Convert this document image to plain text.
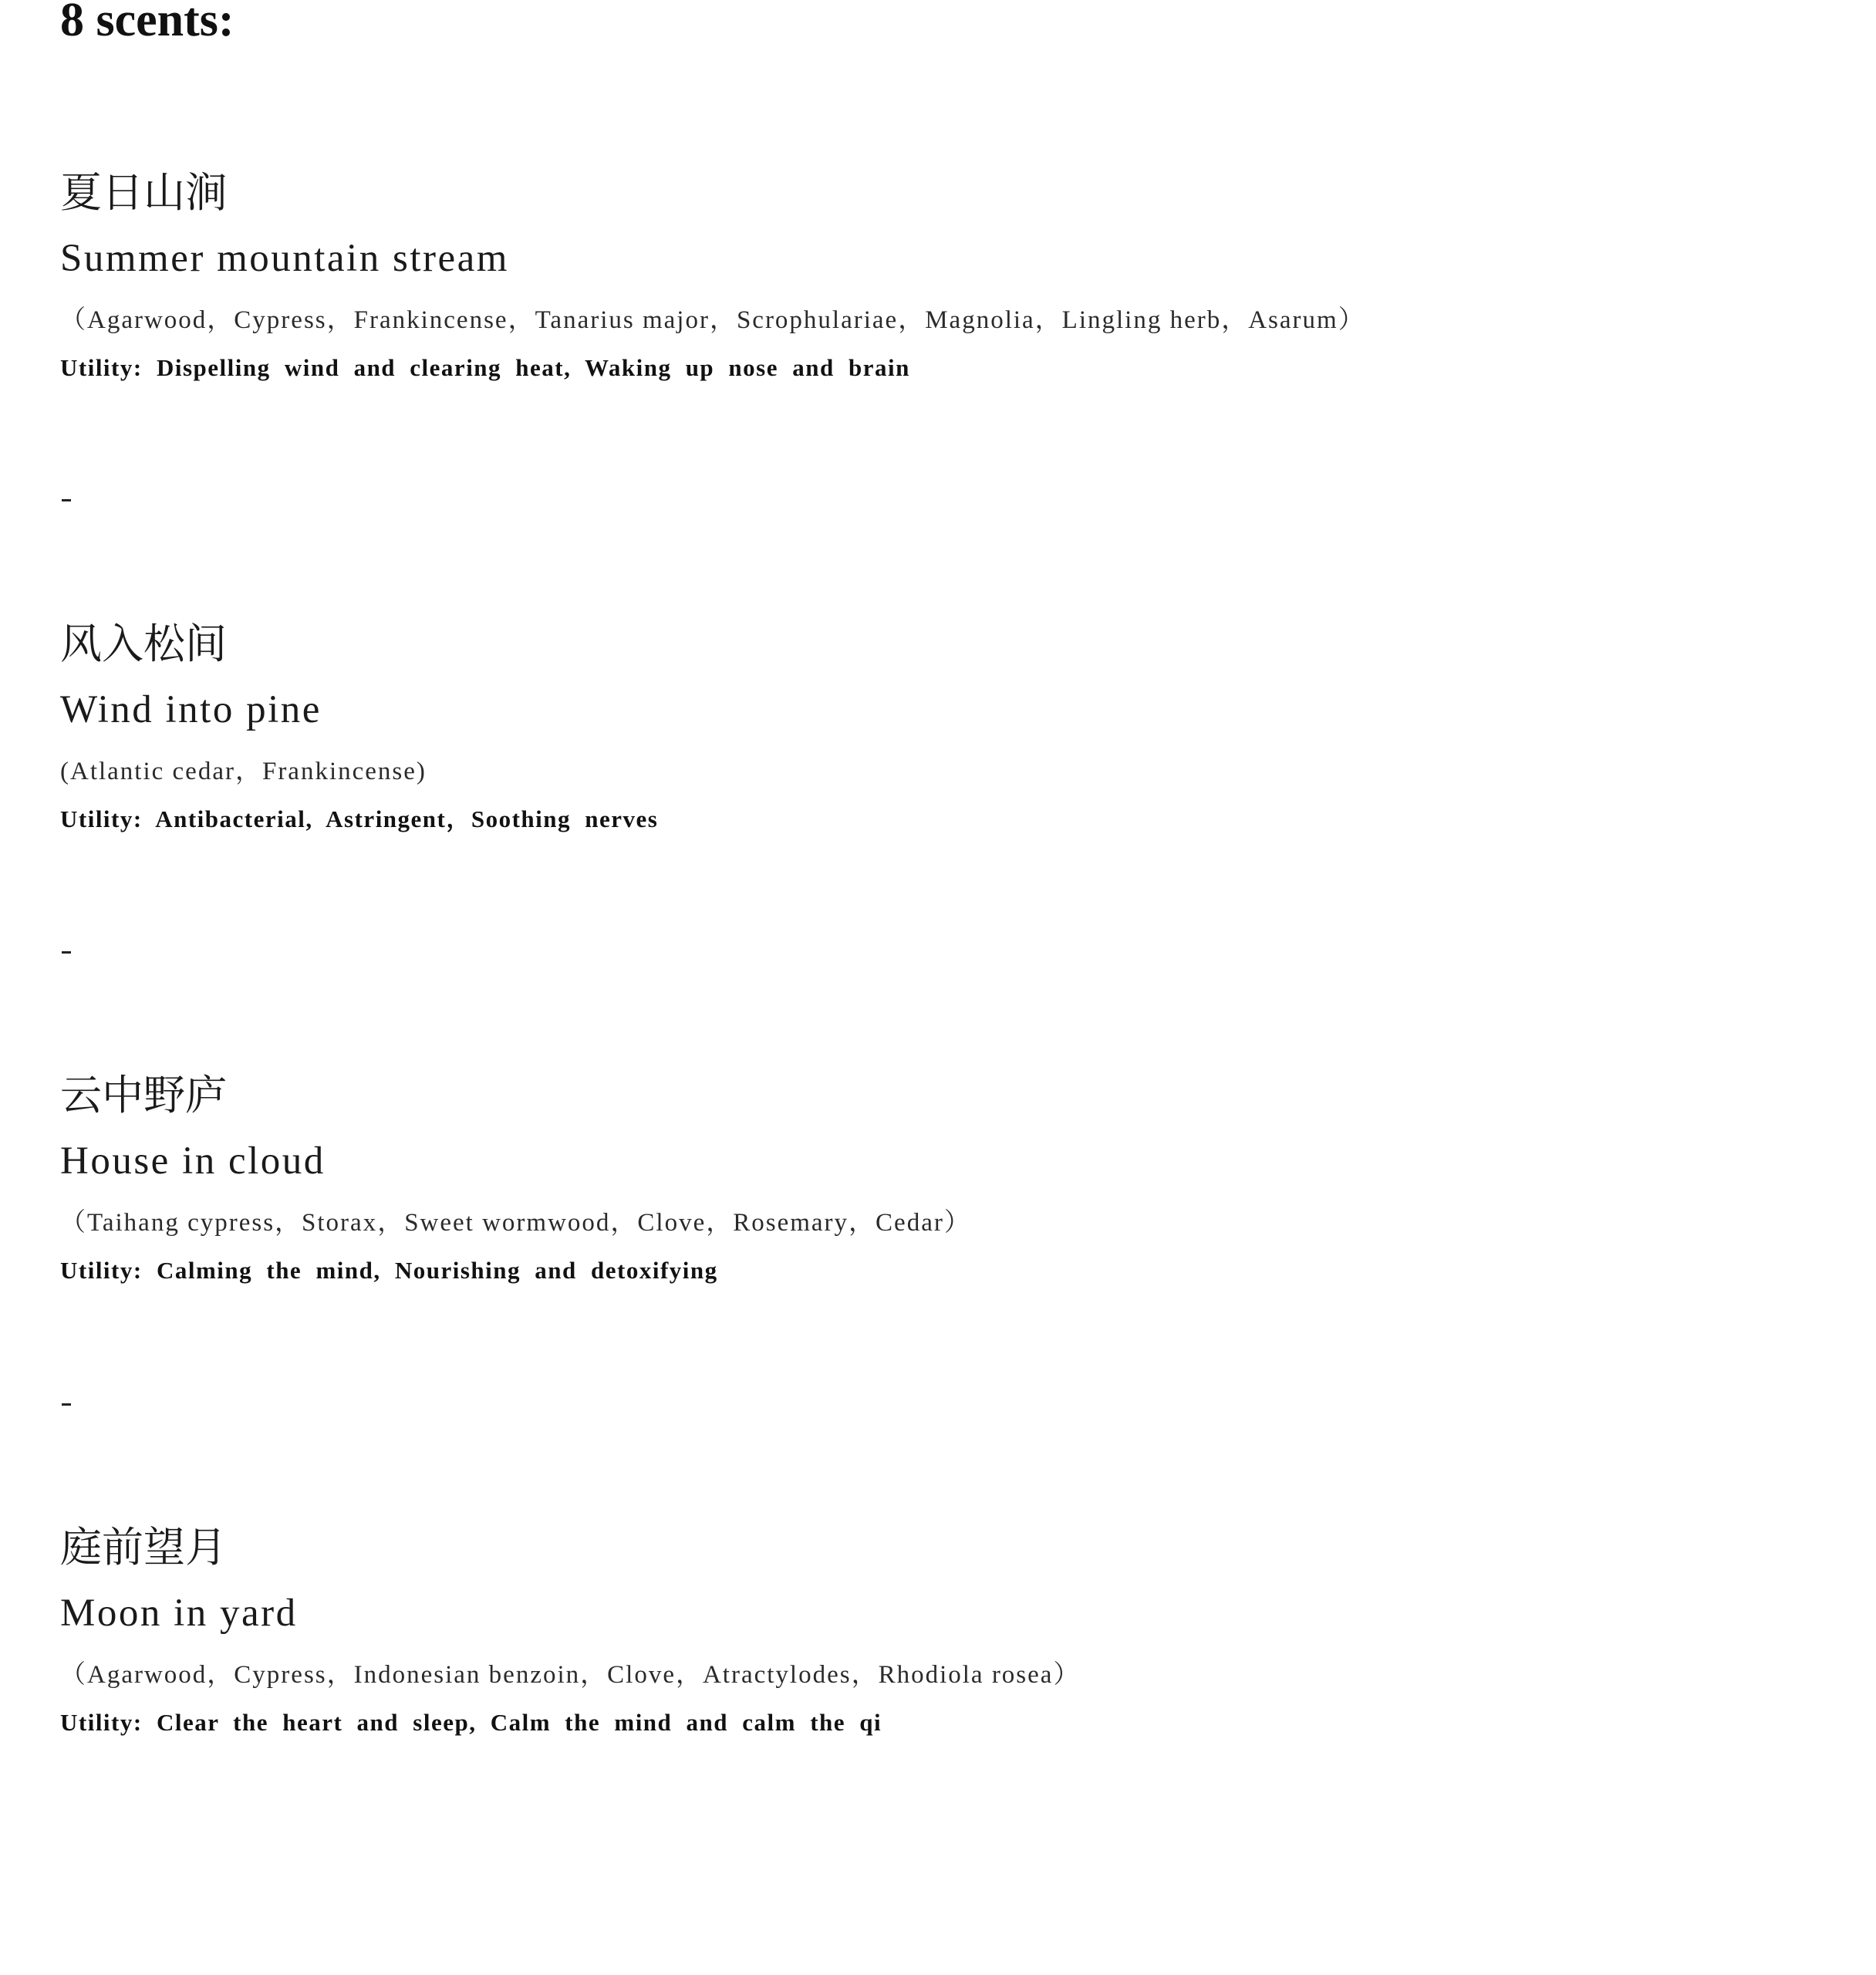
8 scents:
夏日山涧
Summer mountain stream
（Agarwood，Cypress，Frankincense，Tanarius major，Scrophulariae，Magnolia，Lingling herb，Asarum）
Utility: Dispelling wind and clearing heat, Waking up nose and brain
风入松间
Wind into pine
(Atlantic cedar，Frankincense)
Utility: Antibacterial, Astringent，Soothing nerves
云中野庐
House in cloud
（Taihang cypress，Storax，Sweet wormwood，Clove，Rosemary，Cedar）
Utility: Calming the mind, Nourishing and detoxifying
庭前望月
Moon in yard
（Agarwood，Cypress，Indonesian benzoin，Clove，Atractylodes，Rhodiola rosea）
Utility: Clear the heart and sleep, Calm the mind and calm the qi
